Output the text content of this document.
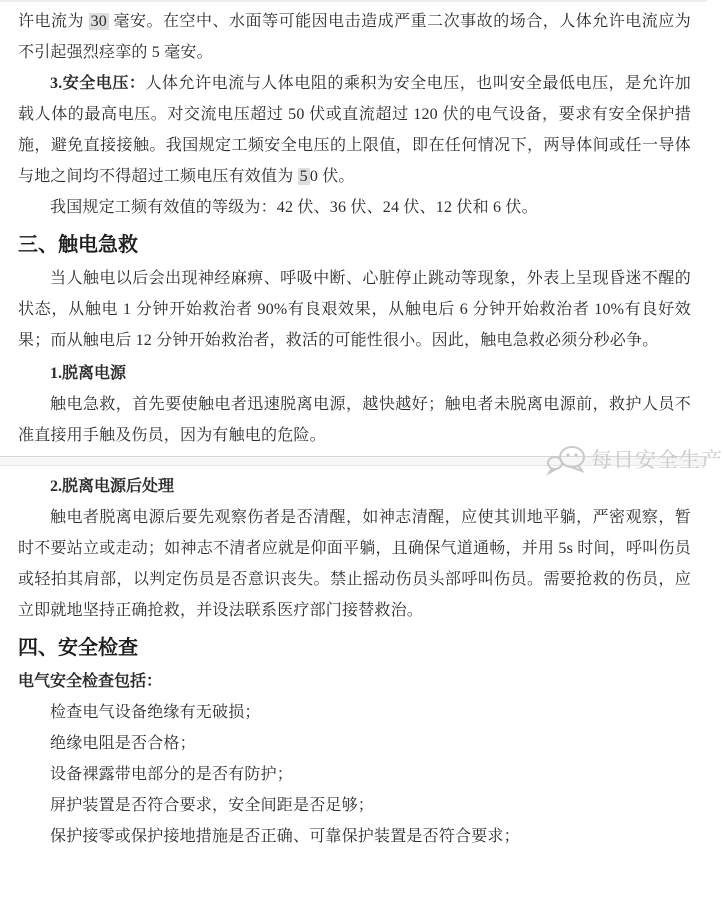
许电流为 30 毫安。在空中、水面等可能因电击造成严重二次事故的场合，人体允许电流应为不引起强烈痉挛的 5 毫安。

3.安全电压：人体允许电流与人体电阻的乘积为安全电压，也叫安全最低电压，是允许加载人体的最高电压。对交流电压超过 50 伏或直流超过 120 伏的电气设备，要求有安全保护措施，避免直接接触。我国规定工频安全电压的上限值，即在任何情况下，两导体间或任一导体与地之间均不得超过工频电压有效值为 5 0 伏。

我国规定工频有效值的等级为：42 伏、36 伏、24 伏、12 伏和 6 伏。

三、触电急救

当人触电以后会出现神经麻痹、呼吸中断、心脏停止跳动等现象，外表上呈现昏迷不醒的状态，从触电 1 分钟开始救治者 90%有良艰效果，从触电后 6 分钟开始救治者 10%有良好效果；而从触电后 12 分钟开始救治者，救活的可能性很小。因此，触电急救必须分秒必争。

1.脱离电源

触电急救，首先要使触电者迅速脱离电源，越快越好；触电者未脱离电源前，救护人员不准直接用手触及伤员，因为有触电的危险。

2.脱离电源后处理

触电者脱离电源后要先观察伤者是否清醒，如神志清醒，应使其训地平躺，严密观察，暂时不要站立或走动；如神志不清者应就是仰面平躺，且确保气道通畅，并用 5s 时间，呼叫伤员或轻拍其肩部，以判定伤员是否意识丧失。禁止摇动伤员头部呼叫伤员。需要抢救的伤员，应立即就地坚持正确抢救，并设法联系医疗部门接替救治。

四、安全检查

电气安全检查包括：

检查电气设备绝缘有无破损；

绝缘电阻是否合格；

设备裸露带电部分的是否有防护；

屏护装置是否符合要求，安全间距是否足够；

保护接零或保护接地措施是否正确、可靠保护装置是否符合要求；

每日安全生产
